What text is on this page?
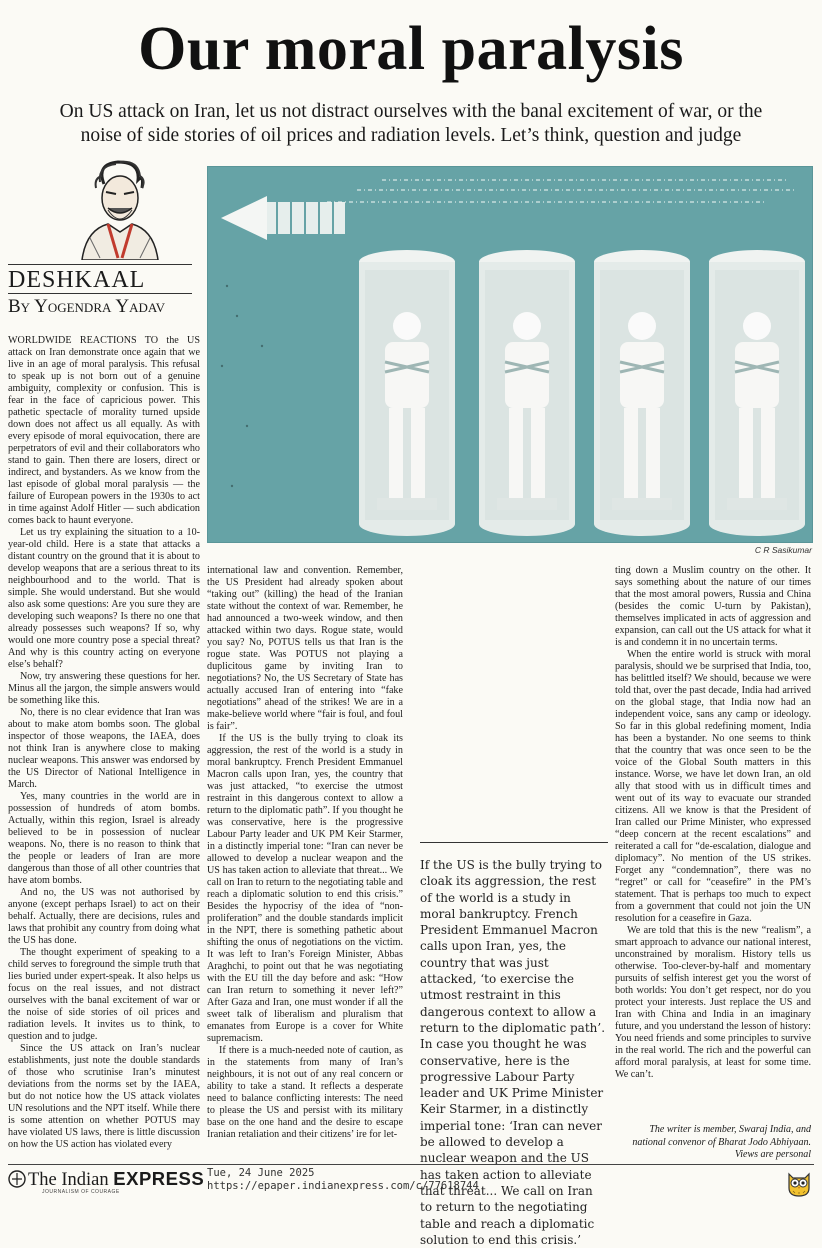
Our moral paralysis
On US attack on Iran, let us not distract ourselves with the banal excitement of war, or the noise of side stories of oil prices and radiation levels. Let’s think, question and judge
DESHKAAL
By Yogendra Yadav
C R Sasikumar

WORLDWIDE REACTIONS TO the US attack on Iran demonstrate once again that we live in an age of moral paralysis. This refusal to speak up is not born out of a genuine ambiguity, complexity or confusion. This is fear in the face of capricious power. This pathetic spectacle of morality turned upside down does not affect us all equally. As with every episode of moral equivocation, there are perpetrators of evil and their collaborators who stand to gain. Then there are losers, direct or indirect, and bystanders. As we know from the last episode of global moral paralysis — the failure of European powers in the 1930s to act in time against Adolf Hitler — such abdication comes back to haunt everyone.

Let us try explaining the situation to a 10-year-old child. Here is a state that attacks a distant country on the ground that it is about to develop weapons that are a serious threat to its neighbourhood and to the world. That is simple. She would understand. But she would also ask some questions: Are you sure they are developing such weapons? Is there no one that already possesses such weapons? If so, why would one more country pose a special threat? And why is this country acting on everyone else’s behalf?

Now, try answering these questions for her. Minus all the jargon, the simple answers would be something like this.

No, there is no clear evidence that Iran was about to make atom bombs soon. The global inspector of those weapons, the IAEA, does not think Iran is anywhere close to making nuclear weapons. This answer was endorsed by the US Director of National Intelligence in March.

Yes, many countries in the world are in possession of hundreds of atom bombs. Actually, within this region, Israel is already believed to be in possession of nuclear weapons. No, there is no reason to think that the people or leaders of Iran are more dangerous than those of all other countries that have atom bombs.

And no, the US was not authorised by anyone (except perhaps Israel) to act on their behalf. Actually, there are decisions, rules and laws that prohibit any country from doing what the US has done.

The thought experiment of speaking to a child serves to foreground the simple truth that lies buried under expert-speak. It also helps us focus on the real issues, and not distract ourselves with the banal excitement of war or the noise of side stories of oil prices and radiation levels. It invites us to think, to question and to judge.

Since the US attack on Iran’s nuclear establishments, just note the double standards of those who scrutinise Iran’s minutest deviations from the norms set by the IAEA, but do not notice how the US attack violates UN resolutions and the NPT itself. While there is some attention on whether POTUS may have violated US laws, there is little discussion on how the US action has violated every

international law and convention. Remember, the US President had already spoken about “taking out” (killing) the head of the Iranian state without the context of war. Remember, he had announced a two-week window, and then attacked within two days. Rogue state, would you say? No, POTUS tells us that Iran is the rogue state. Was POTUS not playing a duplicitous game by inviting Iran to negotiations? No, the US Secretary of State has actually accused Iran of entering into “fake negotiations” ahead of the strikes! We are in a make-believe world where “fair is foul, and foul is fair”.

If the US is the bully trying to cloak its aggression, the rest of the world is a study in moral bankruptcy. French President Emmanuel Macron calls upon Iran, yes, the country that was just attacked, “to exercise the utmost restraint in this dangerous context to allow a return to the diplomatic path”. If you thought he was conservative, here is the progressive Labour Party leader and UK PM Keir Starmer, in a distinctly imperial tone: “Iran can never be allowed to develop a nuclear weapon and the US has taken action to alleviate that threat... We call on Iran to return to the negotiating table and reach a diplomatic solution to end this crisis.” Besides the hypocrisy of the idea of “non-proliferation” and the double standards implicit in the NPT, there is something pathetic about shifting the onus of negotiations on the victim. It was left to Iran’s Foreign Minister, Abbas Araghchi, to point out that he was negotiating with the EU till the day before and ask: “How can Iran return to something it never left?” After Gaza and Iran, one must wonder if all the sweet talk of liberalism and pluralism that emanates from Europe is a cover for White supremacism.

If there is a much-needed note of caution, as in the statements from many of Iran’s neighbours, it is not out of any real concern or ability to take a stand. It reflects a desperate need to balance conflicting interests: The need to please the US and persist with its military base on the one hand and the desire to escape Iranian retaliation and their citizens’ ire for let-

If the US is the bully trying to cloak its aggression, the rest of the world is a study in moral bankruptcy. French President Emmanuel Macron calls upon Iran, yes, the country that was just attacked, ‘to exercise the utmost restraint in this dangerous context to allow a return to the diplomatic path’. In case you thought he was conservative, here is the progressive Labour Party leader and UK Prime Minister Keir Starmer, in a distinctly imperial tone: ‘Iran can never be allowed to develop a nuclear weapon and the US has taken action to alleviate that threat... We call on Iran to return to the negotiating table and reach a diplomatic solution to end this crisis.’

ting down a Muslim country on the other. It says something about the nature of our times that the most amoral powers, Russia and China (besides the comic U-turn by Pakistan), themselves implicated in acts of aggression and expansion, can call out the US attack for what it is and condemn it in no uncertain terms.

When the entire world is struck with moral paralysis, should we be surprised that India, too, has belittled itself? We should, because we were told that, over the past decade, India had arrived on the global stage, that India now had an independent voice, sans any camp or ideology. So far in this global redefining moment, India has been a bystander. No one seems to think that the country that was once seen to be the voice of the Global South matters in this instance. Worse, we have let down Iran, an old ally that stood with us in difficult times and went out of its way to evacuate our stranded citizens. All we know is that the President of Iran called our Prime Minister, who expressed “deep concern at the recent escalations” and reiterated a call for “de-escalation, dialogue and diplomacy”. No mention of the US strikes. Forget any “condemnation”, there was no “regret” or call for “ceasefire” in the PM’s statement. That is perhaps too much to expect from a government that could not join the UN resolution for a ceasefire in Gaza.

We are told that this is the new “realism”, a smart approach to advance our national interest, unconstrained by moralism. History tells us otherwise. Too-clever-by-half and momentary pursuits of selfish interest get you the worst of both worlds: You don’t get respect, nor do you protect your interests. Just replace the US and Iran with China and India in an imaginary future, and you understand the lesson of history: You need friends and some principles to survive in the real world. The rich and the powerful can afford moral paralysis, at least for some time. We can’t.

The writer is member, Swaraj India, and national convenor of Bharat Jodo Abhiyaan. Views are personal
The Indian EXPRESS
JOURNALISM OF COURAGE
Tue, 24 June 2025
https://epaper.indianexpress.com/c/77618744
